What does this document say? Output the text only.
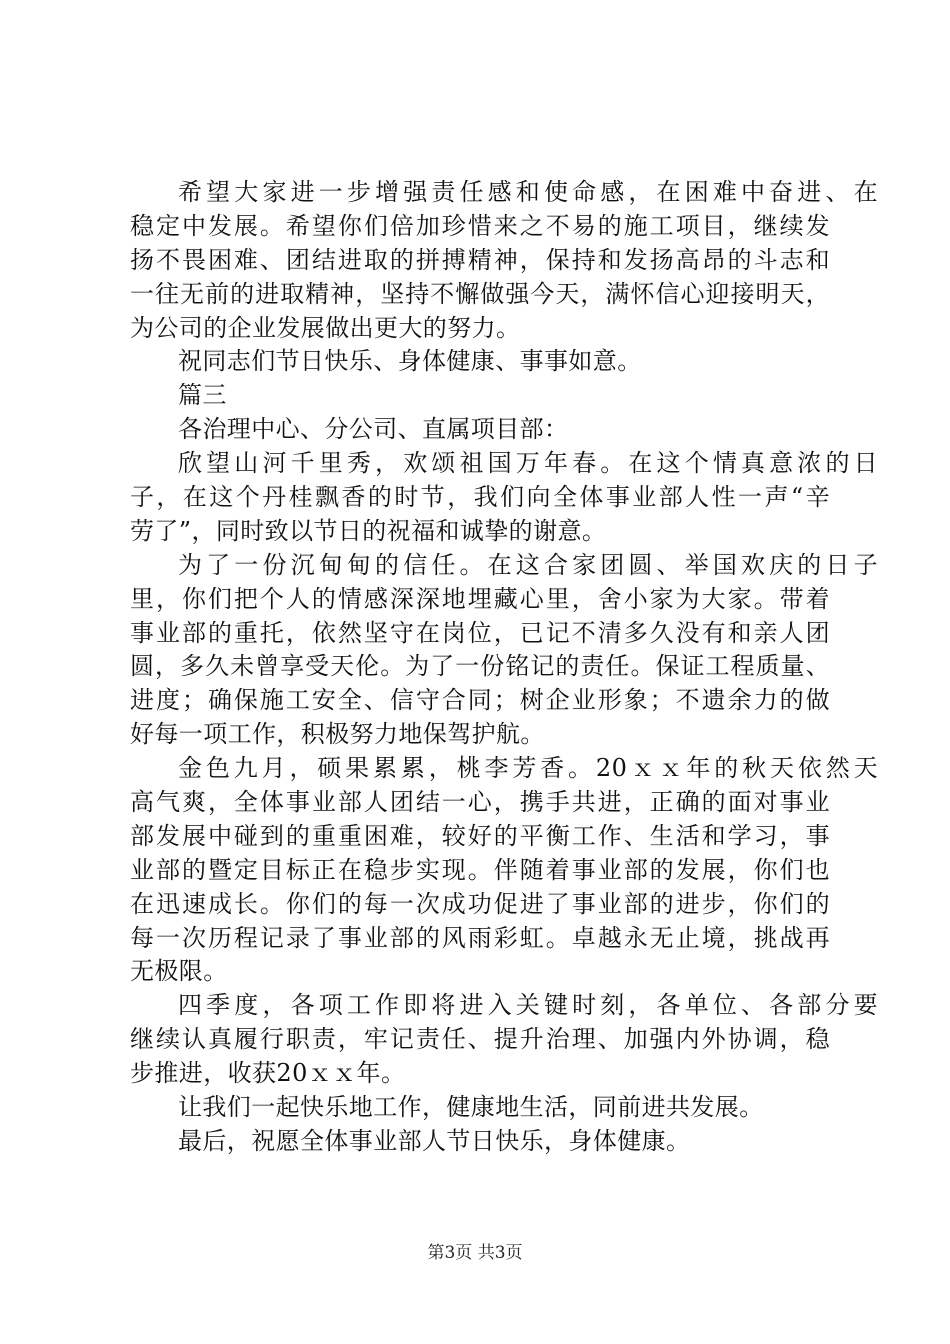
希望大家进一步增强责任感和使命感，在困难中奋进、在
稳定中发展。希望你们倍加珍惜来之不易的施工项目，继续发
扬不畏困难、团结进取的拼搏精神，保持和发扬高昂的斗志和
一往无前的进取精神，坚持不懈做强今天，满怀信心迎接明天，
为公司的企业发展做出更大的努力。
祝同志们节日快乐、身体健康、事事如意。
篇三
各治理中心、分公司、直属项目部：
欣望山河千里秀，欢颂祖国万年春。在这个情真意浓的日
子，在这个丹桂飘香的时节，我们向全体事业部人性一声“辛
劳了”，同时致以节日的祝福和诚挚的谢意。
为了一份沉甸甸的信任。在这合家团圆、举国欢庆的日子
里，你们把个人的情感深深地埋藏心里，舍小家为大家。带着
事业部的重托，依然坚守在岗位，已记不清多久没有和亲人团
圆，多久未曾享受天伦。为了一份铭记的责任。保证工程质量、
进度；确保施工安全、信守合同；树企业形象；不遗余力的做
好每一项工作，积极努力地保驾护航。
金色九月，硕果累累，桃李芳香。20ｘｘ年的秋天依然天
高气爽，全体事业部人团结一心，携手共进，正确的面对事业
部发展中碰到的重重困难，较好的平衡工作、生活和学习，事
业部的暨定目标正在稳步实现。伴随着事业部的发展，你们也
在迅速成长。你们的每一次成功促进了事业部的进步，你们的
每一次历程记录了事业部的风雨彩虹。卓越永无止境，挑战再
无极限。
四季度，各项工作即将进入关键时刻，各单位、各部分要
继续认真履行职责，牢记责任、提升治理、加强内外协调，稳
步推进，收获20ｘｘ年。
让我们一起快乐地工作，健康地生活，同前进共发展。
最后，祝愿全体事业部人节日快乐，身体健康。
第3页 共3页
